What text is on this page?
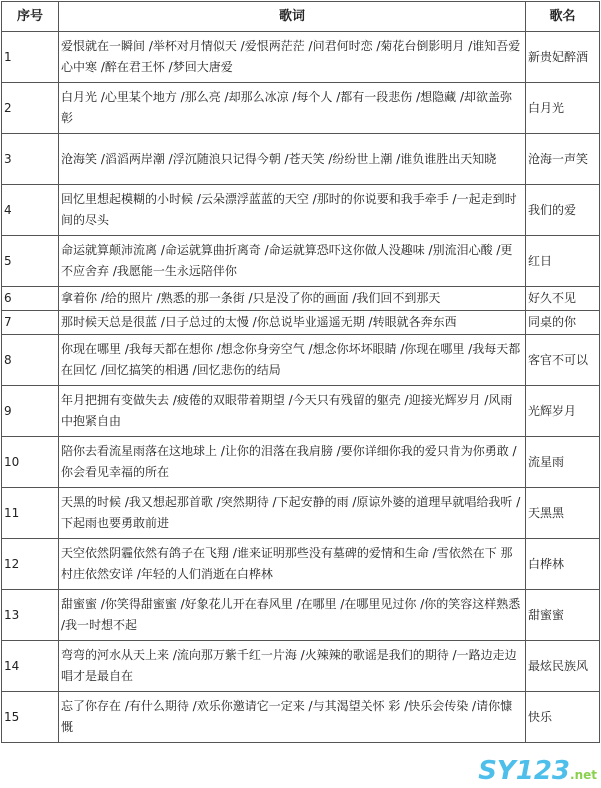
序号	歌词	歌名
1	爱恨就在一瞬间 /举杯对月情似天 /爱恨两茫茫 /问君何时恋 /菊花台倒影明月 /谁知吾爱心中寒 /醉在君王怀 /梦回大唐爱	新贵妃醉酒
2	白月光 /心里某个地方 /那么亮 /却那么冰凉 /每个人 /都有一段悲伤 /想隐藏 /却欲盖弥彰	白月光
3	沧海笑 /滔滔两岸潮 /浮沉随浪只记得今朝 /苍天笑 /纷纷世上潮 /谁负谁胜出天知晓	沧海一声笑
4	回忆里想起模糊的小时候 /云朵漂浮蓝蓝的天空 /那时的你说要和我手牵手 /一起走到时间的尽头	我们的爱
5	命运就算颠沛流离 /命运就算曲折离奇 /命运就算恐吓这你做人没趣味 /别流泪心酸 /更不应舍弃 /我愿能一生永远陪伴你	红日
6	拿着你 /给的照片 /熟悉的那一条街 /只是没了你的画面 /我们回不到那天	好久不见
7	那时候天总是很蓝 /日子总过的太慢 /你总说毕业遥遥无期 /转眼就各奔东西	同桌的你
8	你现在哪里 /我每天都在想你 /想念你身旁空气 /想念你坏坏眼睛 /你现在哪里 /我每天都在回忆 /回忆搞笑的相遇 /回忆悲伤的结局	客官不可以
9	年月把拥有变做失去 /疲倦的双眼带着期望 /今天只有残留的躯壳 /迎接光辉岁月 /风雨中抱紧自由	光辉岁月
10	陪你去看流星雨落在这地球上 /让你的泪落在我肩膀 /要你详细你我的爱只肯为你勇敢 /你会看见幸福的所在	流星雨
11	天黑的时候 /我又想起那首歌 /突然期待 /下起安静的雨 /原谅外婆的道理早就唱给我听 /下起雨也要勇敢前进	天黑黑
12	天空依然阴霾依然有鸽子在飞翔 /谁来证明那些没有墓碑的爱情和生命 /雪依然在下 那村庄依然安详 /年轻的人们消逝在白桦林	白桦林
13	甜蜜蜜 /你笑得甜蜜蜜 /好象花儿开在春风里 /在哪里 /在哪里见过你 /你的笑容这样熟悉 /我一时想不起	甜蜜蜜
14	弯弯的河水从天上来 /流向那万紫千红一片海 /火辣辣的歌谣是我们的期待 /一路边走边唱才是最自在	最炫民族风
15	忘了你存在 /有什么期待 /欢乐你邀请它一定来 /与其渴望关怀 彩 /快乐会传染 /请你慷慨	快乐
SY123.net
